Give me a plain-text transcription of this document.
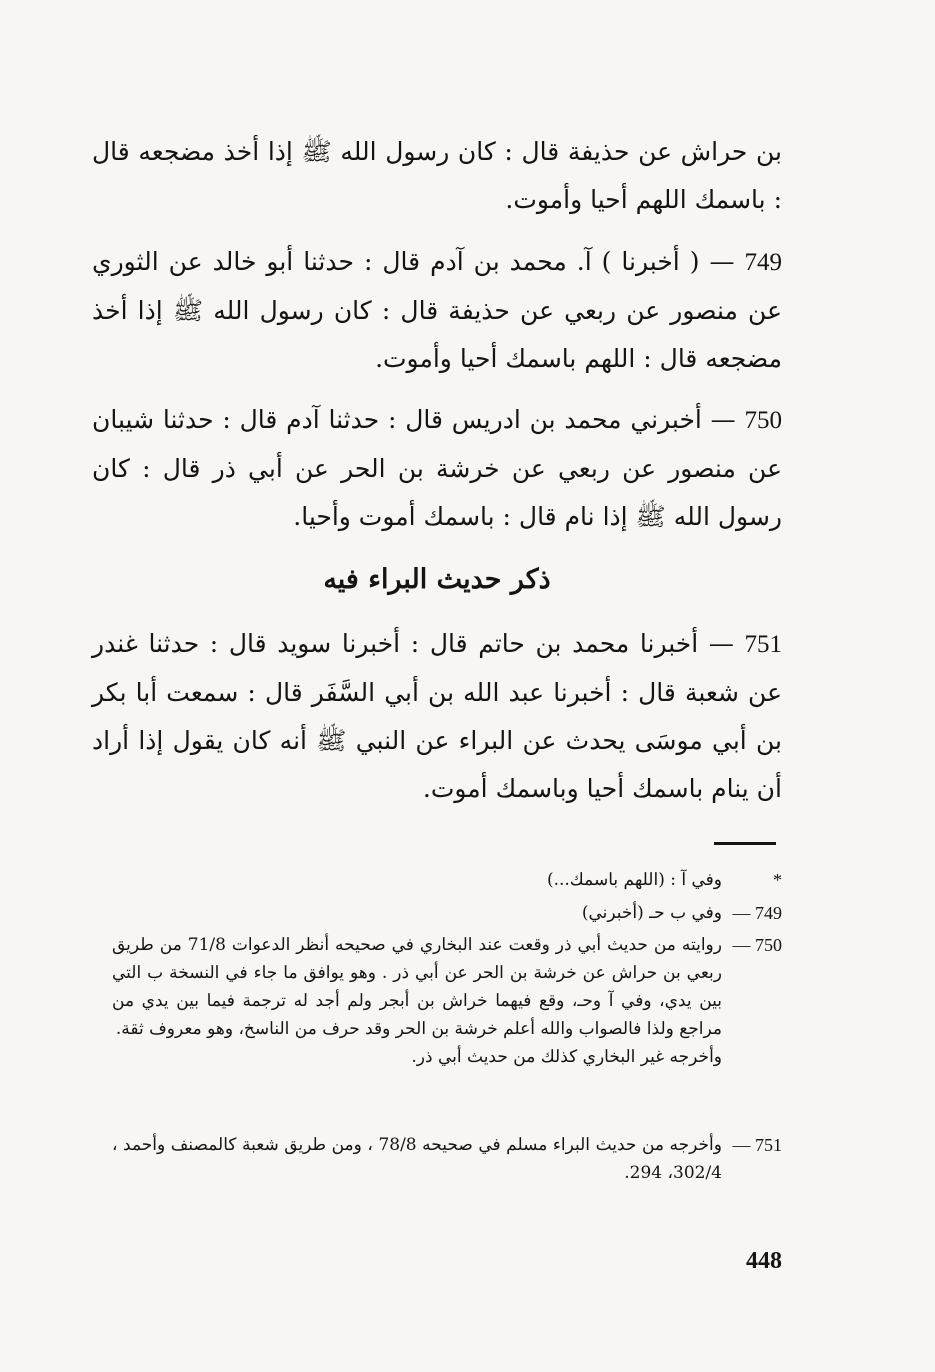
بن حراش عن حذيفة قال : كان رسول الله ﷺ إذا أخذ مضجعه قال : باسمك اللهم أحيا وأموت.
749 — ( أخبرنا ) آ. محمد بن آدم قال : حدثنا أبو خالد عن الثوري عن منصور عن ربعي عن حذيفة قال : كان رسول الله ﷺ إذا أخذ مضجعه قال : اللهم باسمك أحيا وأموت.
750 — أخبرني محمد بن ادريس قال : حدثنا آدم قال : حدثنا شيبان عن منصور عن ربعي عن خرشة بن الحر عن أبي ذر قال : كان رسول الله ﷺ إذا نام قال : باسمك أموت وأحيا.
ذكر حديث البراء فيه
751 — أخبرنا محمد بن حاتم قال : أخبرنا سويد قال : حدثنا غندر عن شعبة قال : أخبرنا عبد الله بن أبي السَّفَر قال : سمعت أبا بكر بن أبي موسَى يحدث عن البراء عن النبي ﷺ أنه كان يقول إذا أراد أن ينام باسمك أحيا وباسمك أموت.
*وفي آ : (اللهم باسمك...)
749 —وفي ب حـ (أخبرني)
750 —روايته من حديث أبي ذر وقعت عند البخاري في صحيحه أنظر الدعوات 71/8 من طريق ربعي بن حراش عن خرشة بن الحر عن أبي ذر . وهو يوافق ما جاء في النسخة ب التي بين يدي، وفي آ وحـ، وقع فيهما خراش بن أبجر ولم أجد له ترجمة فيما بين يدي من مراجع ولذا فالصواب والله أعلم خرشة بن الحر وقد حرف من الناسخ، وهو معروف ثقة.
وأخرجه غير البخاري كذلك من حديث أبي ذر.
751 —وأخرجه من حديث البراء مسلم في صحيحه 78/8 ، ومن طريق شعبة كالمصنف وأحمد ، 302/4، 294.
448
